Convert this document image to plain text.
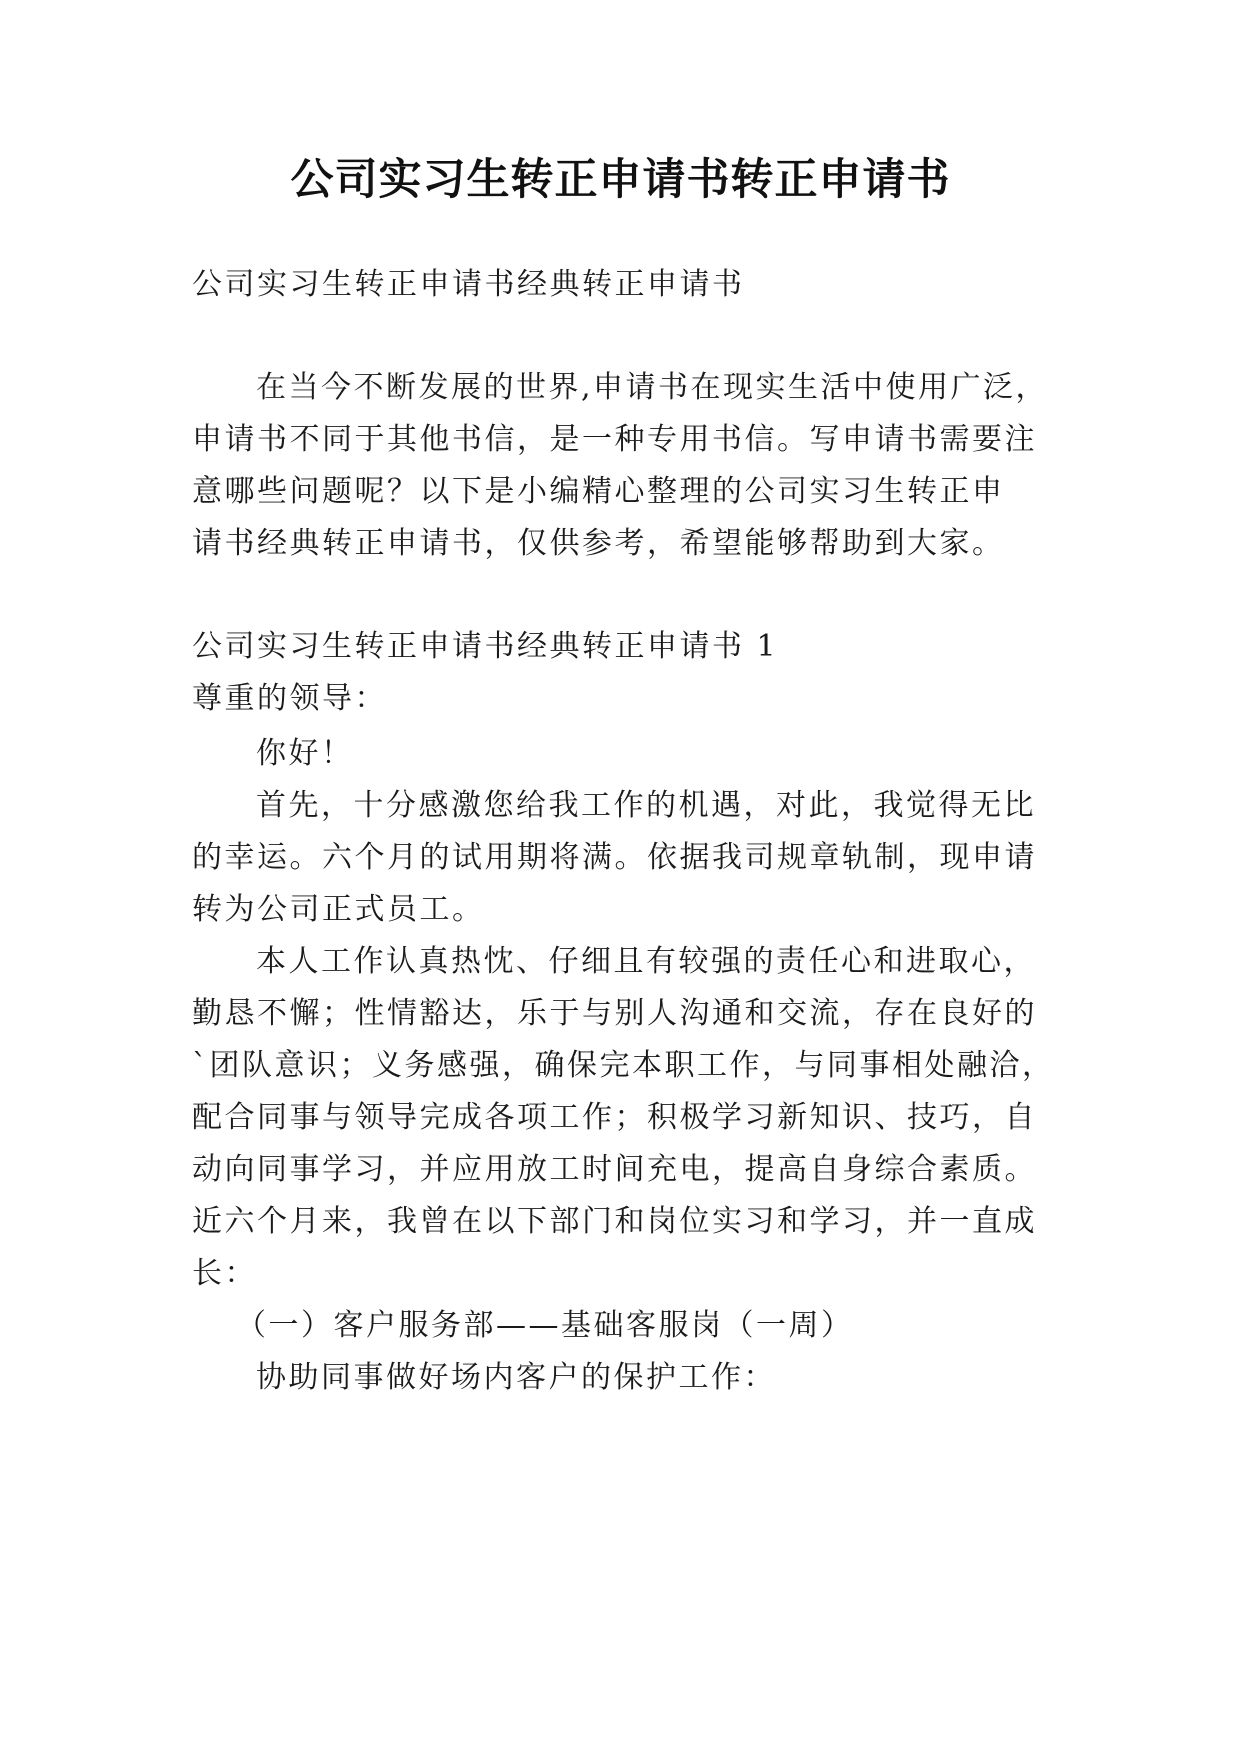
公司实习生转正申请书转正申请书
公司实习生转正申请书经典转正申请书
在当今不断发展的世界,申请书在现实生活中使用广泛，
申请书不同于其他书信，是一种专用书信。写申请书需要注
意哪些问题呢？以下是小编精心整理的公司实习生转正申
请书经典转正申请书，仅供参考，希望能够帮助到大家。
公司实习生转正申请书经典转正申请书 1
尊重的领导：
你好！
首先，十分感激您给我工作的机遇，对此，我觉得无比
的幸运。六个月的试用期将满。依据我司规章轨制，现申请
转为公司正式员工。
本人工作认真热忱、仔细且有较强的责任心和进取心，
勤恳不懈；性情豁达，乐于与别人沟通和交流，存在良好的
`团队意识；义务感强，确保完本职工作，与同事相处融洽，
配合同事与领导完成各项工作；积极学习新知识、技巧，自
动向同事学习，并应用放工时间充电，提高自身综合素质。
近六个月来，我曾在以下部门和岗位实习和学习，并一直成
长：
（一）客户服务部——基础客服岗（一周）
协助同事做好场内客户的保护工作：
